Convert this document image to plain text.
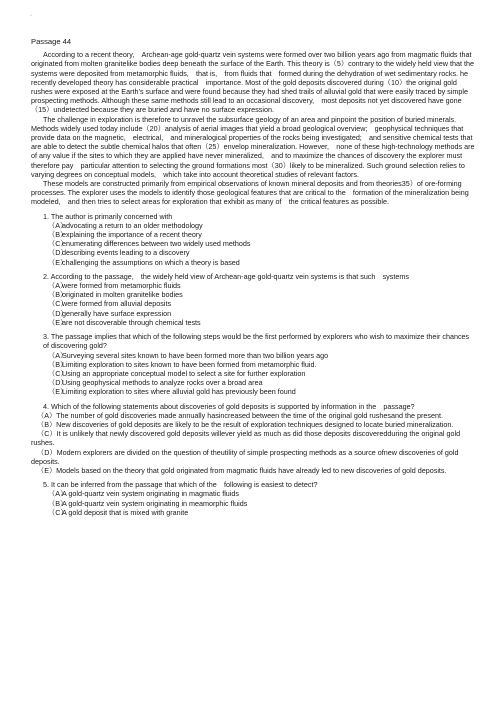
▫
Passage 44

According to a recent theory,　Archean-age gold-quartz vein systems were formed over two billion years ago from magmatic fluids that originated from molten granitelike bodies deep beneath the surface of the Earth. This theory is（5）contrary to the widely held view that the systems were deposited from metamorphic fluids,　that is,　from fluids that　formed during the dehydration of wet sedimentary rocks. he recently developed theory has considerable practical　importance. Most of the gold deposits discovered during（10）the original gold rushes were exposed at the Earth’s surface and were found because they had shed trails of alluvial gold that were easily traced by simple prospecting methods. Although these same methods still lead to an occasional discovery,　most deposits not yet discovered have gone（15）undetected because they are buried and have no surface expression.

The challenge in exploration is therefore to unravel the subsurface geology of an area and pinpoint the position of buried minerals. Methods widely used today include（20）analysis of aerial images that yield a broad geological overview;　geophysical techniques that provide data on the magnetic,　electrical,　and mineralogical properties of the rocks being investigated;　and sensitive chemical tests that are able to detect the subtle chemical halos that often（25）envelop mineralization. However,　none of these high-technology methods are of any value if the sites to which they are applied have never mineralized,　and to maximize the chances of discovery the explorer must therefore pay　particular attention to selecting the ground formations most（30）likely to be mineralized. Such ground selection relies to varying degrees on conceptual models,　which take into account theoretical studies of relevant factors.

These models are constructed primarily from empirical observations of known mineral deposits and from theories35）of ore-forming processes. The explorer uses the models to identify those geological features that are critical to the　formation of the mineralization being modeled,　and then tries to select areas for exploration that exhibit as many of　the critical features as possible.

1. The author is primarily concerned with
（A）advocating a return to an older methodology
（B）explaining the importance of a recent theory
（C）enumerating differences between two widely used methods
（D）describing events leading to a discovery
（E）challenging the assumptions on which a theory is based
2. According to the passage,　the widely held view of Archean-age gold-quartz vein systems is that such　systems
（A）were formed from metamorphic fluids
（B）originated in molten granitelike bodies
（C）were formed from alluvial deposits
（D）generally have surface expression
（E）are not discoverable through chemical tests
3. The passage implies that which of the following steps would be the first performed by explorers who wish to maximize their chances of discovering gold?
（A）Surveying several sites known to have been formed more than two billion years ago
（B）Limiting exploration to sites known to have been formed from metamorphic fluid.
（C）Using an appropriate conceptual model to select a site for further exploration
（D）Using geophysical methods to analyze rocks over a broad area
（E）Limiting exploration to sites where alluvial gold has previously been found
4. Which of the following statements about discoveries of gold deposits is supported by information in the　passage?
（A）The number of gold discoveries made annually hasincreased between the time of the original gold rushesand the present.
（B）New discoveries of gold deposits are likely to be the result of exploration techniques designed to locate buried mineralization.
（C）It is unlikely that newly discovered gold deposits willever yield as much as did those deposits discoveredduring the original gold rushes.
（D）Modern explorers are divided on the question of theutility of simple prospecting methods as a source ofnew discoveries of gold deposits.
（E）Models based on the theory that gold originated from magmatic fluids have already led to new discoveries of gold deposits.
5. It can be inferred from the passage that which of the　following is easiest to detect?
（A）A gold-quartz vein system originating in magmatic fluids
（B）A gold-quartz vein system originating in meamorphic fluids
（C）A gold deposit that is mixed with granite
